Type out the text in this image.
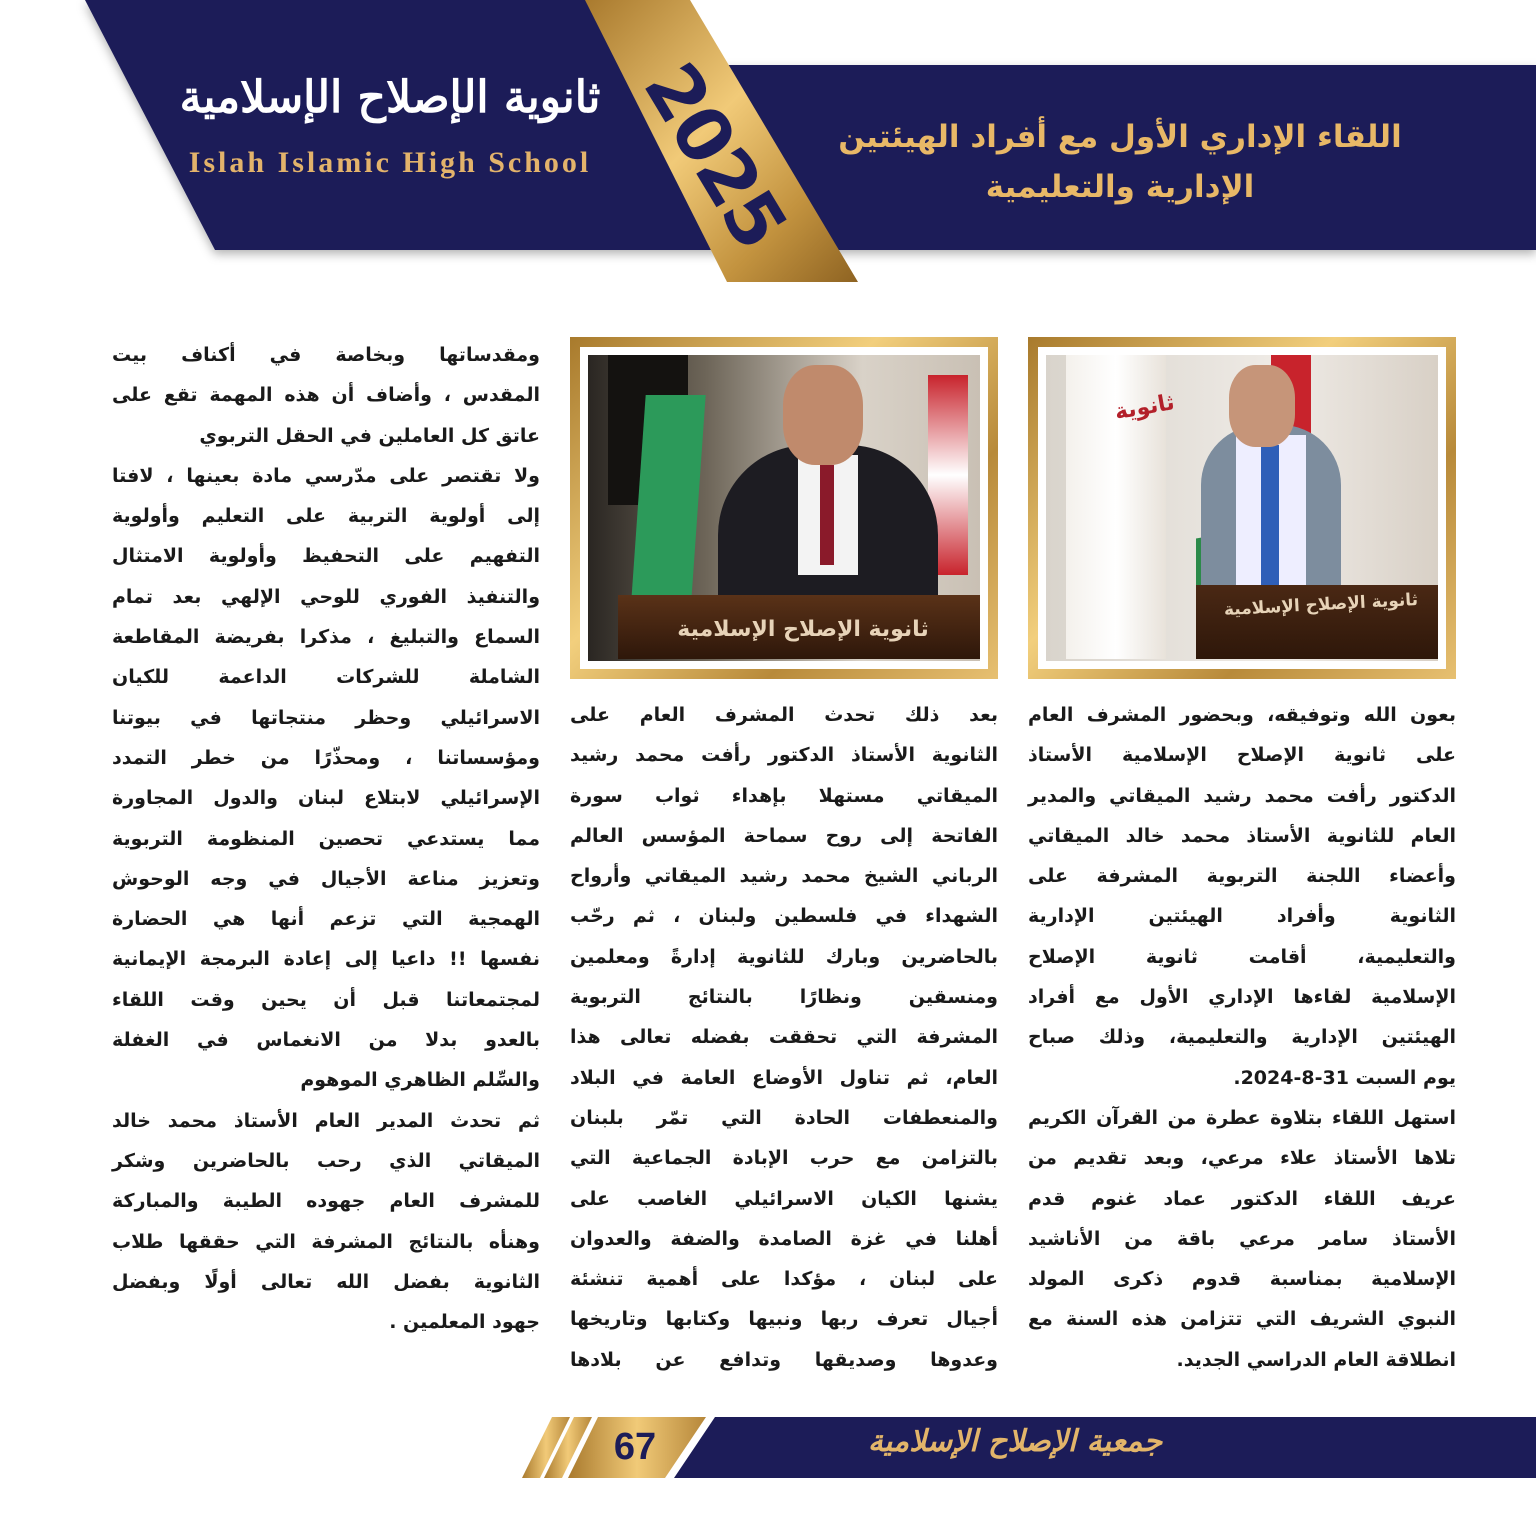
ثانوية الإصلاح الإسلامية
Islah Islamic High School 2025	اللقاء الإداري الأول مع أفراد الهيئتين
الإدارية والتعليمية
ثانوية
ثانوية الإصلاح الإسلامية
ثانوية الإصلاح الإسلامية
بعون الله وتوفيقه، وبحضور المشرف العام
على ثانوية الإصلاح الإسلامية الأستاذ
الدكتور رأفت محمد رشيد الميقاتي والمدير
العام للثانوية الأستاذ محمد خالد الميقاتي
وأعضاء اللجنة التربوية المشرفة على
الثانوية وأفراد الهيئتين الإدارية
والتعليمية، أقامت ثانوية الإصلاح
الإسلامية لقاءها الإداري الأول مع أفراد
الهيئتين الإدارية والتعليمية، وذلك صباح
يوم السبت 31-8-2024.
استهل اللقاء بتلاوة عطرة من القرآن الكريم
تلاها الأستاذ علاء مرعي، وبعد تقديم من
عريف اللقاء الدكتور عماد غنوم قدم
الأستاذ سامر مرعي باقة من الأناشيد
الإسلامية بمناسبة قدوم ذكرى المولد
النبوي الشريف التي تتزامن هذه السنة مع
انطلاقة العام الدراسي الجديد.
بعد ذلك تحدث المشرف العام على
الثانوية الأستاذ الدكتور رأفت محمد رشيد
الميقاتي مستهلا بإهداء ثواب سورة
الفاتحة إلى روح سماحة المؤسس العالم
الرباني الشيخ محمد رشيد الميقاتي وأرواح
الشهداء في فلسطين ولبنان ، ثم رحّب
بالحاضرين وبارك للثانوية إدارةً ومعلمين
ومنسقين ونظارًا بالنتائج التربوية
المشرفة التي تحققت بفضله تعالى هذا
العام، ثم تناول الأوضاع العامة في البلاد
والمنعطفات الحادة التي تمّر بلبنان
بالتزامن مع حرب الإبادة الجماعية التي
يشنها الكيان الاسرائيلي الغاصب على
أهلنا في غزة الصامدة والضفة والعدوان
على لبنان ، مؤكدا على أهمية تنشئة
أجيال تعرف ربها ونبيها وكتابها وتاريخها
وعدوها وصديقها وتدافع عن بلادها
ومقدساتها وبخاصة في أكناف بيت
المقدس ، وأضاف أن هذه المهمة تقع على
عاتق كل العاملين في الحقل التربوي
ولا تقتصر على مدّرسي مادة بعينها ، لافتا
إلى أولوية التربية على التعليم وأولوية
التفهيم على التحفيظ وأولوية الامتثال
والتنفيذ الفوري للوحي الإلهي بعد تمام
السماع والتبليغ ، مذكرا بفريضة المقاطعة
الشاملة للشركات الداعمة للكيان
الاسرائيلي وحظر منتجاتها في بيوتنا
ومؤسساتنا ، ومحذّرًا من خطر التمدد
الإسرائيلي لابتلاع لبنان والدول المجاورة
مما يستدعي تحصين المنظومة التربوية
وتعزيز مناعة الأجيال في وجه الوحوش
الهمجية التي تزعم أنها هي الحضارة
نفسها !! داعيا إلى إعادة البرمجة الإيمانية
لمجتمعاتنا قبل أن يحين وقت اللقاء
بالعدو بدلا من الانغماس في الغفلة
والسِّلم الظاهري الموهوم
ثم تحدث المدير العام الأستاذ محمد خالد
الميقاتي الذي رحب بالحاضرين وشكر
للمشرف العام جهوده الطيبة والمباركة
وهنأه بالنتائج المشرفة التي حققها طلاب
الثانوية بفضل الله تعالى أولًا وبفضل
جهود المعلمين .
67	جمعية الإصلاح الإسلامية
